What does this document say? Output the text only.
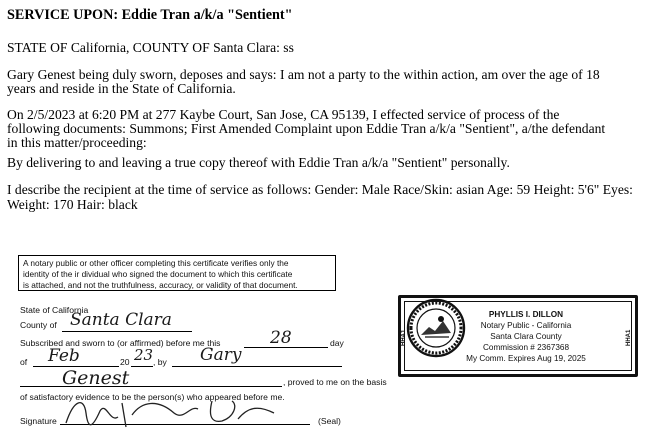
SERVICE UPON: Eddie Tran a/k/a "Sentient"
STATE OF California, COUNTY OF Santa Clara: ss
Gary Genest being duly sworn, deposes and says: I am not a party to the within action, am over the age of 18
years and reside in the State of California.
On 2/5/2023 at 6:20 PM at 277 Kaybe Court, San Jose, CA 95139, I effected service of process of the
following documents: Summons; First Amended Complaint upon Eddie Tran a/k/a "Sentient", a/the defendant
in this matter/proceeding:
By delivering to and leaving a true copy thereof with Eddie Tran a/k/a "Sentient" personally.
I describe the recipient at the time of service as follows: Gender: Male Race/Skin: asian Age: 59 Height: 5'6" Eyes:
Weight: 170 Hair: black
A notary public or other officer completing this certificate verifies only the
identity of the ir dividual who signed the document to which this certificate
is attached, and not the truthfulness, accuracy, or validity of that document.
State of California
County of Santa Clara
Subscribed and sworn to (or affirmed) before me this	28	day
of Feb	20 23 , by Gary
Genest	, proved to me on the basis
of satisfactory evidence to be the person(s) who appeared before me.
Signature	(Seal)
HHA1	HHA1
PHYLLIS I. DILLON
Notary Public - California
Santa Clara County
Commission # 2367368
My Comm. Expires Aug 19, 2025
